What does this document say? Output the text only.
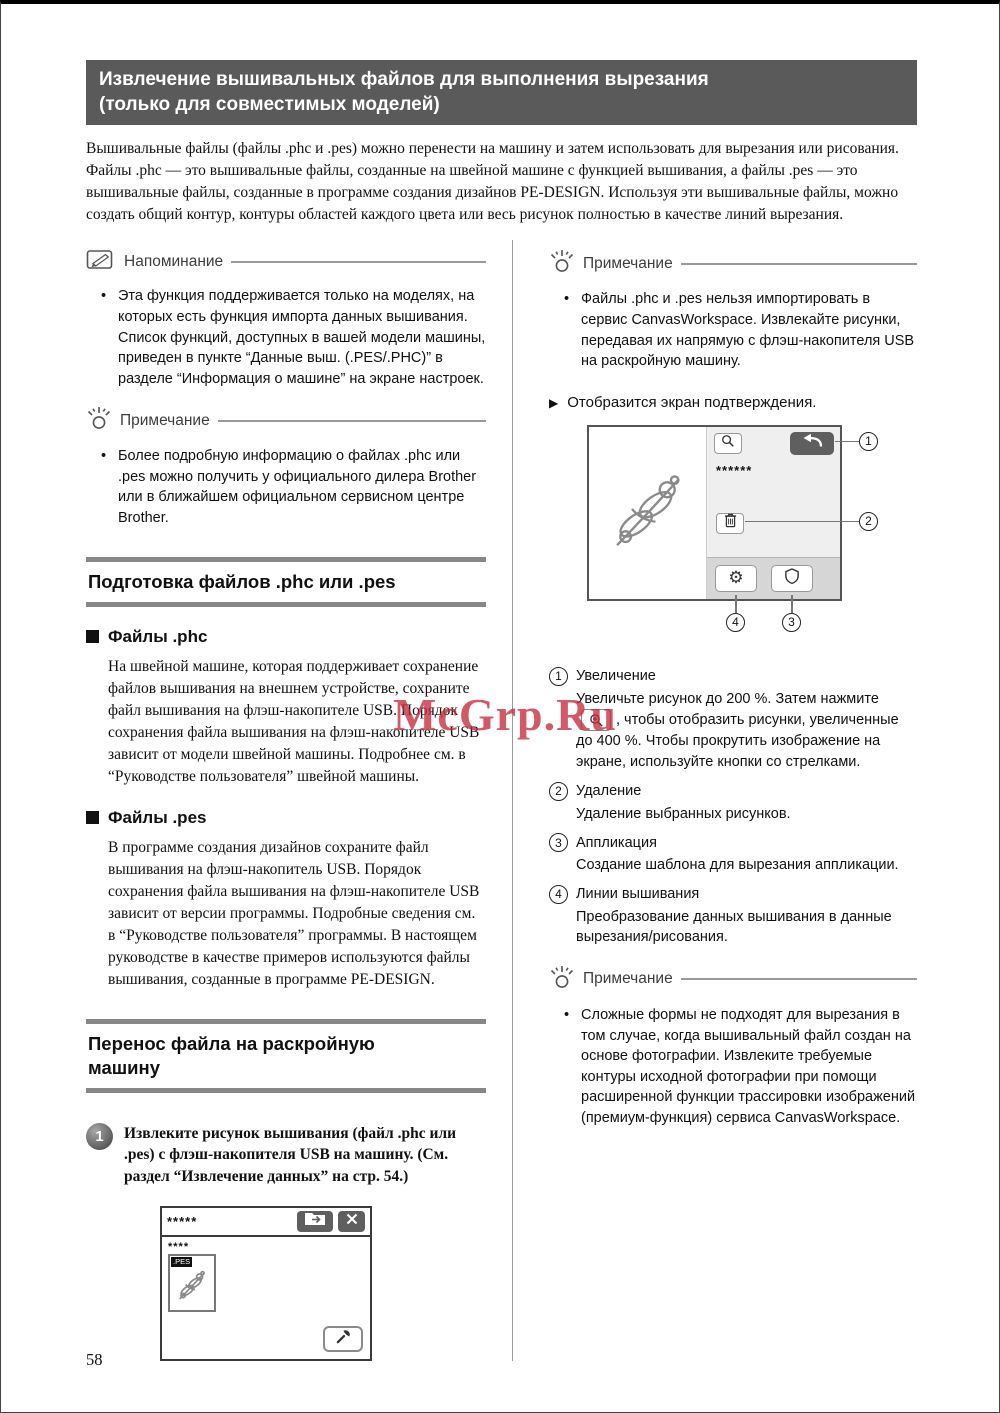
Извлечение вышивальных файлов для выполнения вырезания
(только для совместимых моделей)

Вышивальные файлы (файлы .phc и .pes) можно перенести на машину и затем использовать для вырезания или рисования. Файлы .phc — это вышивальные файлы, созданные на швейной машине с функцией вышивания, а файлы .pes — это вышивальные файлы, созданные в программе создания дизайнов PE-DESIGN. Используя эти вышивальные файлы, можно создать общий контур, контуры областей каждого цвета или весь рисунок полностью в качестве линий вырезания.

Напоминание
• Эта функция поддерживается только на моделях, на которых есть функция импорта данных вышивания. Список функций, доступных в вашей модели машины, приведен в пункте “Данные выш. (.PES/.PHC)” в разделе “Информация о машине” на экране настроек.
Примечание
• Более подробную информацию о файлах .phc или .pes можно получить у официального дилера Brother или в ближайшем официальном сервисном центре Brother.
Подготовка файлов .phc или .pes
Файлы .phc

На швейной машине, которая поддерживает сохранение файлов вышивания на внешнем устройстве, сохраните файл вышивания на флэш-накопителе USB. Порядок сохранения файла вышивания на флэш-накопителе USB зависит от модели швейной машины. Подробнее см. в “Руководстве пользователя” швейной машины.

Файлы .pes

В программе создания дизайнов сохраните файл вышивания на флэш-накопитель USB. Порядок сохранения файла вышивания на флэш-накопителе USB зависит от версии программы. Подробные сведения см. в “Руководстве пользователя” программы. В настоящем руководстве в качестве примеров используются файлы вышивания, созданные в программе PE-DESIGN.

Перенос файла на раскройную машину
1	Извлеките рисунок вышивания (файл .phc или .pes) с флэш-накопителя USB на машину. (См. раздел “Извлечение данных” на стр. 54.)
*****
****
.PES
Примечание
• Файлы .phc и .pes нельзя импортировать в сервис CanvasWorkspace. Извлекайте рисунки, передавая их напрямую с флэш-накопителя USB на раскройную машину.
▶ Отобразится экран подтверждения.
******
⚙
1
2
3
4
1 Увеличение
Увеличьте рисунок до 200 %. Затем нажмите
, чтобы отобразить рисунки, увеличенные до 400 %. Чтобы прокрутить изображение на экране, используйте кнопки со стрелками.
2 Удаление
Удаление выбранных рисунков.
3 Аппликация
Создание шаблона для вырезания аппликации.
4 Линии вышивания
Преобразование данных вышивания в данные вырезания/рисования.
Примечание
• Сложные формы не подходят для вырезания в том случае, когда вышивальный файл создан на основе фотографии. Извлеките требуемые контуры исходной фотографии при помощи расширенной функции трассировки изображений (премиум-функция) сервиса CanvasWorkspace.
McGrp.Ru
58
